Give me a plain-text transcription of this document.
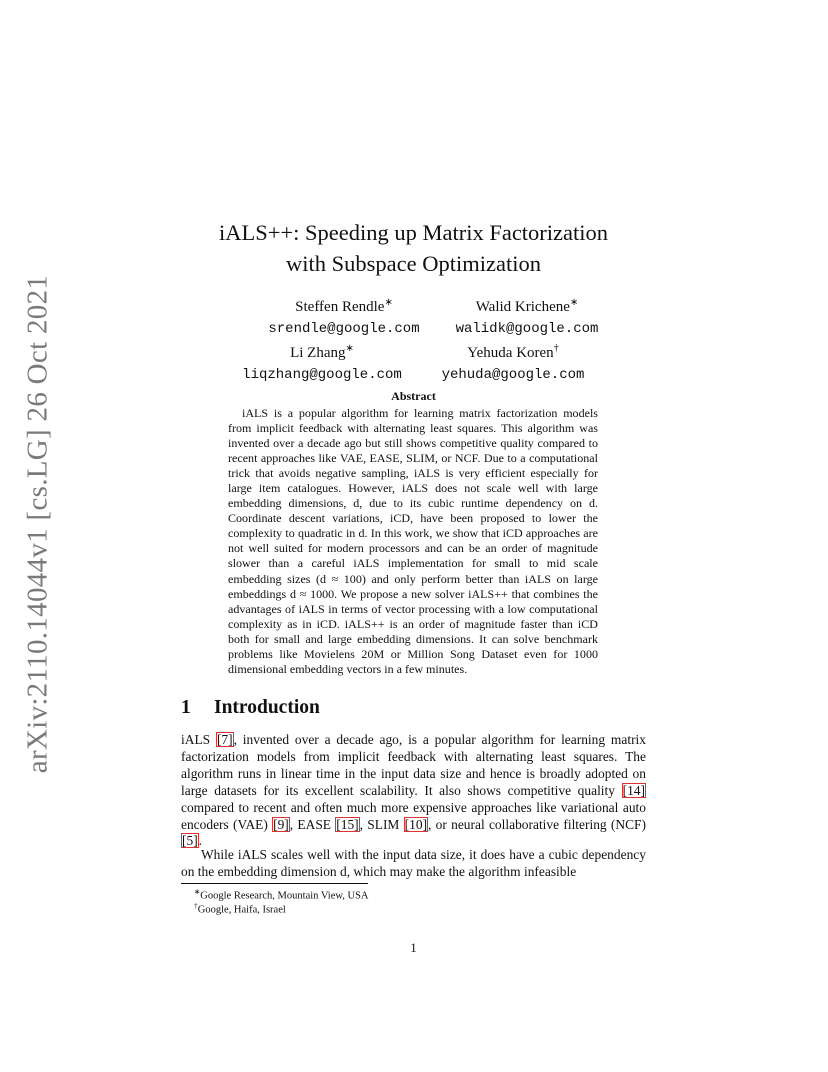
arXiv:2110.14044v1 [cs.LG] 26 Oct 2021
iALS++: Speeding up Matrix Factorization
with Subspace Optimization
Steffen Rendle∗
srendle@google.com
Walid Krichene∗
walidk@google.com
Li Zhang∗
liqzhang@google.com
Yehuda Koren†
yehuda@google.com
Abstract
iALS is a popular algorithm for learning matrix factorization models from implicit feedback with alternating least squares. This algorithm was invented over a decade ago but still shows competitive quality compared to recent approaches like VAE, EASE, SLIM, or NCF. Due to a computational trick that avoids negative sampling, iALS is very efficient especially for large item catalogues. However, iALS does not scale well with large embedding dimensions, d, due to its cubic runtime dependency on d. Coordinate descent variations, iCD, have been proposed to lower the complexity to quadratic in d. In this work, we show that iCD approaches are not well suited for modern processors and can be an order of magnitude slower than a careful iALS implementation for small to mid scale embedding sizes (d ≈ 100) and only perform better than iALS on large embeddings d ≈ 1000. We propose a new solver iALS++ that combines the advantages of iALS in terms of vector processing with a low computational complexity as in iCD. iALS++ is an order of magnitude faster than iCD both for small and large embedding dimensions. It can solve benchmark problems like Movielens 20M or Million Song Dataset even for 1000 dimensional embedding vectors in a few minutes.
1 Introduction
iALS [7], invented over a decade ago, is a popular algorithm for learning matrix factorization models from implicit feedback with alternating least squares. The algorithm runs in linear time in the input data size and hence is broadly adopted on large datasets for its excellent scalability. It also shows competitive quality [14] compared to recent and often much more expensive approaches like variational auto encoders (VAE) [9], EASE [15], SLIM [10], or neural collaborative filtering (NCF) [5].
While iALS scales well with the input data size, it does have a cubic dependency on the embedding dimension d, which may make the algorithm infeasible
∗Google Research, Mountain View, USA
†Google, Haifa, Israel
1
